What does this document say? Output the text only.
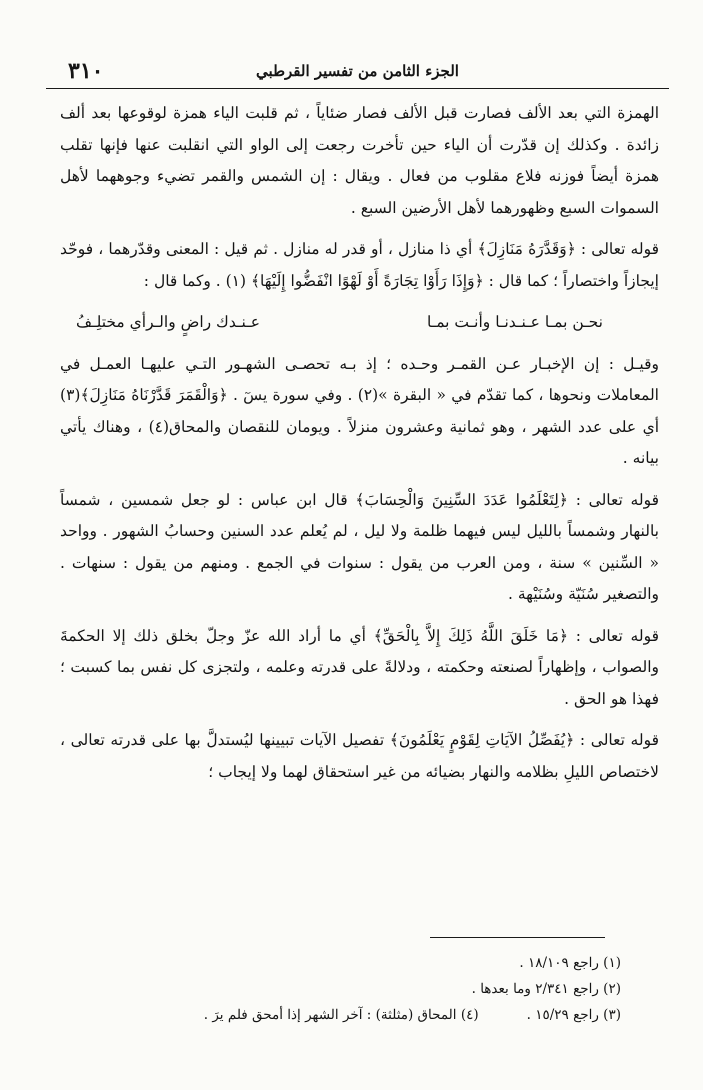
٣١٠	الجزء الثامن من تفسير القرطبي

الهمزة التي بعد الألف فصارت قبل الألف فصار ضئاياً ، ثم قلبت الياء همزة لوقوعها بعد ألف زائدة . وكذلك إن قدّرت أن الياء حين تأخرت رجعت إلى الواو التي انقلبت عنها فإنها تقلب همزة أيضاً فوزنه فلاع مقلوب من فعال . ويقال : إن الشمس والقمر تضيء وجوههما لأهل السموات السبع وظهورهما لأهل الأرضين السبع .

قوله تعالى : ﴿وَقَدَّرَهُ مَنَازِلَ﴾ أي ذا منازل ، أو قدر له منازل . ثم قيل : المعنى وقدّرهما ، فوحّد إيجازاً واختصاراً ؛ كما قال : ﴿وَإِذَا رَأَوْا تِجَارَةً أَوْ لَهْوًا انْفَضُّوا إِلَيْهَا﴾ (١) . وكما قال :

نحـن بمـا عـنـدنـا وأنـت بمـا
عـنـدك راضٍ والـرأي مختلِـفُ

وقيـل : إن الإخبـار عـن القمـر وحـده ؛ إذ بـه تحصـى الشهـور التـي عليهـا العمـل في المعاملات ونحوها ، كما تقدّم في « البقرة »(٢) . وفي سورة يسٓ . ﴿وَالْقَمَرَ قَدَّرْنَاهُ مَنَازِلَ﴾(٣) أي على عدد الشهر ، وهو ثمانية وعشرون منزلاً . ويومان للنقصان والمحاق(٤) ، وهناك يأتي بيانه .

قوله تعالى : ﴿لِتَعْلَمُوا عَدَدَ السِّنِينَ وَالْحِسَابَ﴾ قال ابن عباس : لو جعل شمسين ، شمساً بالنهار وشمساً بالليل ليس فيهما ظلمة ولا ليل ، لم يُعلم عدد السنين وحسابُ الشهور . وواحد « السِّنين » سنة ، ومن العرب من يقول : سنوات في الجمع . ومنهم من يقول : سنهات . والتصغير سُنَيّة وسُنَيْهة .

قوله تعالى : ﴿مَا خَلَقَ اللَّهُ ذَلِكَ إِلاَّ بِالْحَقِّ﴾ أي ما أراد الله عزّ وجلّ بخلق ذلك إلا الحكمةَ والصواب ، وإظهاراً لصنعته وحكمته ، ودلالةً على قدرته وعلمه ، ولتجزى كل نفس بما كسبت ؛ فهذا هو الحق .

قوله تعالى : ﴿يُفَصِّلُ الآيَاتِ لِقَوْمٍ يَعْلَمُونَ﴾ تفصيل الآيات تبيينها ليُستدلَّ بها على قدرته تعالى ، لاختصاص الليلِ بظلامه والنهار بضيائه من غير استحقاق لهما ولا إيجاب ؛

(١) راجع ١٨/١٠٩ .
(٢) راجع ٢/٣٤١ وما بعدها .
(٣) راجع ١٥/٢٩ .
(٤) المحاق (مثلثة) : آخر الشهر إذا أمحق فلم يرَ .
